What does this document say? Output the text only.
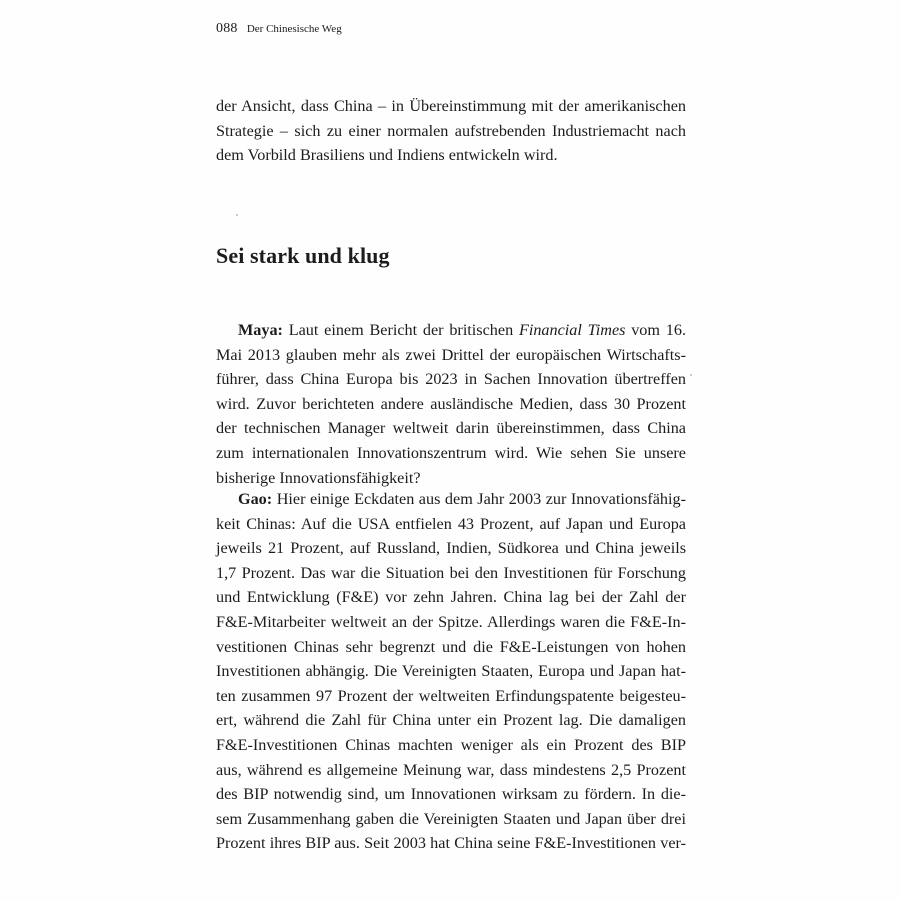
088 Der Chinesische Weg
der Ansicht, dass China – in Übereinstimmung mit der amerikanischen
Strategie – sich zu einer normalen aufstrebenden Industriemacht nach
dem Vorbild Brasiliens und Indiens entwickeln wird.
Sei stark und klug
Maya: Laut einem Bericht der britischen Financial Times vom 16.
Mai 2013 glauben mehr als zwei Drittel der europäischen Wirtschafts-
führer, dass China Europa bis 2023 in Sachen Innovation übertreffen
wird. Zuvor berichteten andere ausländische Medien, dass 30 Prozent
der technischen Manager weltweit darin übereinstimmen, dass China
zum internationalen Innovationszentrum wird. Wie sehen Sie unsere
bisherige Innovationsfähigkeit?
Gao: Hier einige Eckdaten aus dem Jahr 2003 zur Innovationsfähig-
keit Chinas: Auf die USA entfielen 43 Prozent, auf Japan und Europa
jeweils 21 Prozent, auf Russland, Indien, Südkorea und China jeweils
1,7 Prozent. Das war die Situation bei den Investitionen für Forschung
und Entwicklung (F&E) vor zehn Jahren. China lag bei der Zahl der
F&E-Mitarbeiter weltweit an der Spitze. Allerdings waren die F&E-In-
vestitionen Chinas sehr begrenzt und die F&E-Leistungen von hohen
Investitionen abhängig. Die Vereinigten Staaten, Europa und Japan hat-
ten zusammen 97 Prozent der weltweiten Erfindungspatente beigesteu-
ert, während die Zahl für China unter ein Prozent lag. Die damaligen
F&E-Investitionen Chinas machten weniger als ein Prozent des BIP
aus, während es allgemeine Meinung war, dass mindestens 2,5 Prozent
des BIP notwendig sind, um Innovationen wirksam zu fördern. In die-
sem Zusammenhang gaben die Vereinigten Staaten und Japan über drei
Prozent ihres BIP aus. Seit 2003 hat China seine F&E-Investitionen ver-
